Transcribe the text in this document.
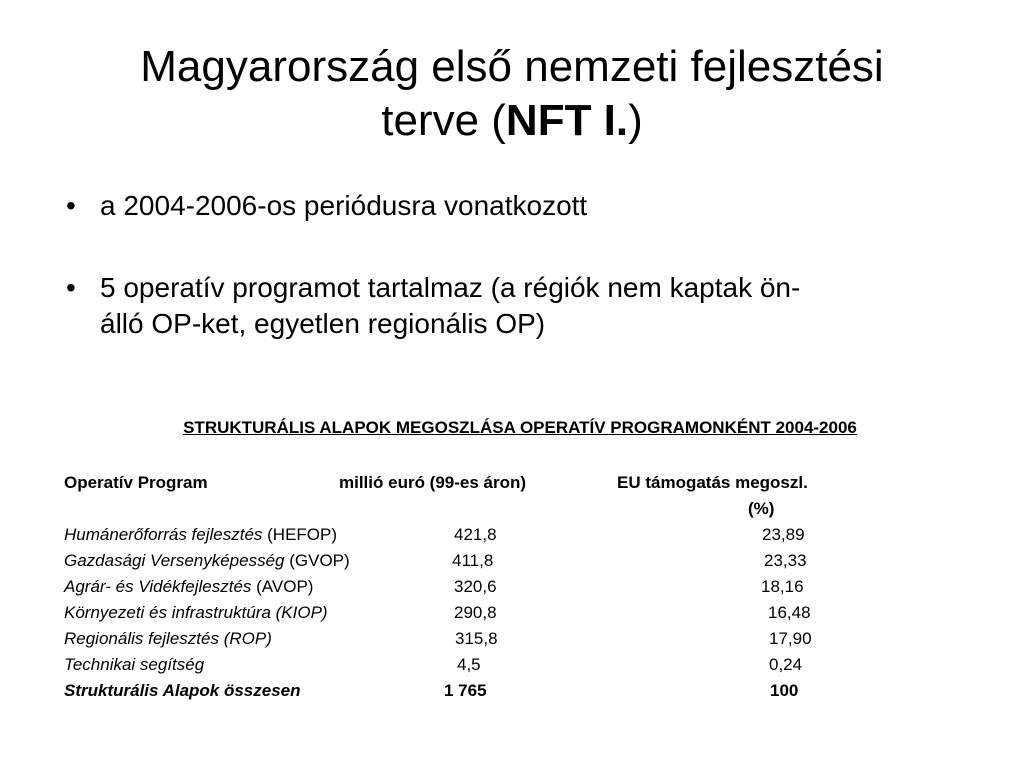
Magyarország első nemzeti fejlesztési
terve (NFT I.)
• a 2004-2006-os periódusra vonatkozott
• 5 operatív programot tartalmaz (a régiók nem kaptak ön-
álló OP-ket, egyetlen regionális OP)
STRUKTURÁLIS ALAPOK MEGOSZLÁSA OPERATÍV PROGRAMONKÉNT 2004-2006
Operatív Program	millió euró (99-es áron)	EU támogatás megoszl.
(%)
Humánerőforrás fejlesztés (HEFOP)	421,8	23,89
Gazdasági Versenyképesség (GVOP)	411,8	23,33
Agrár- és Vidékfejlesztés (AVOP)	320,6	18,16
Környezeti és infrastruktúra (KIOP)	290,8	16,48
Regionális fejlesztés (ROP)	315,8	17,90
Technikai segítség	4,5	0,24
Strukturális Alapok összesen	1 765	100
